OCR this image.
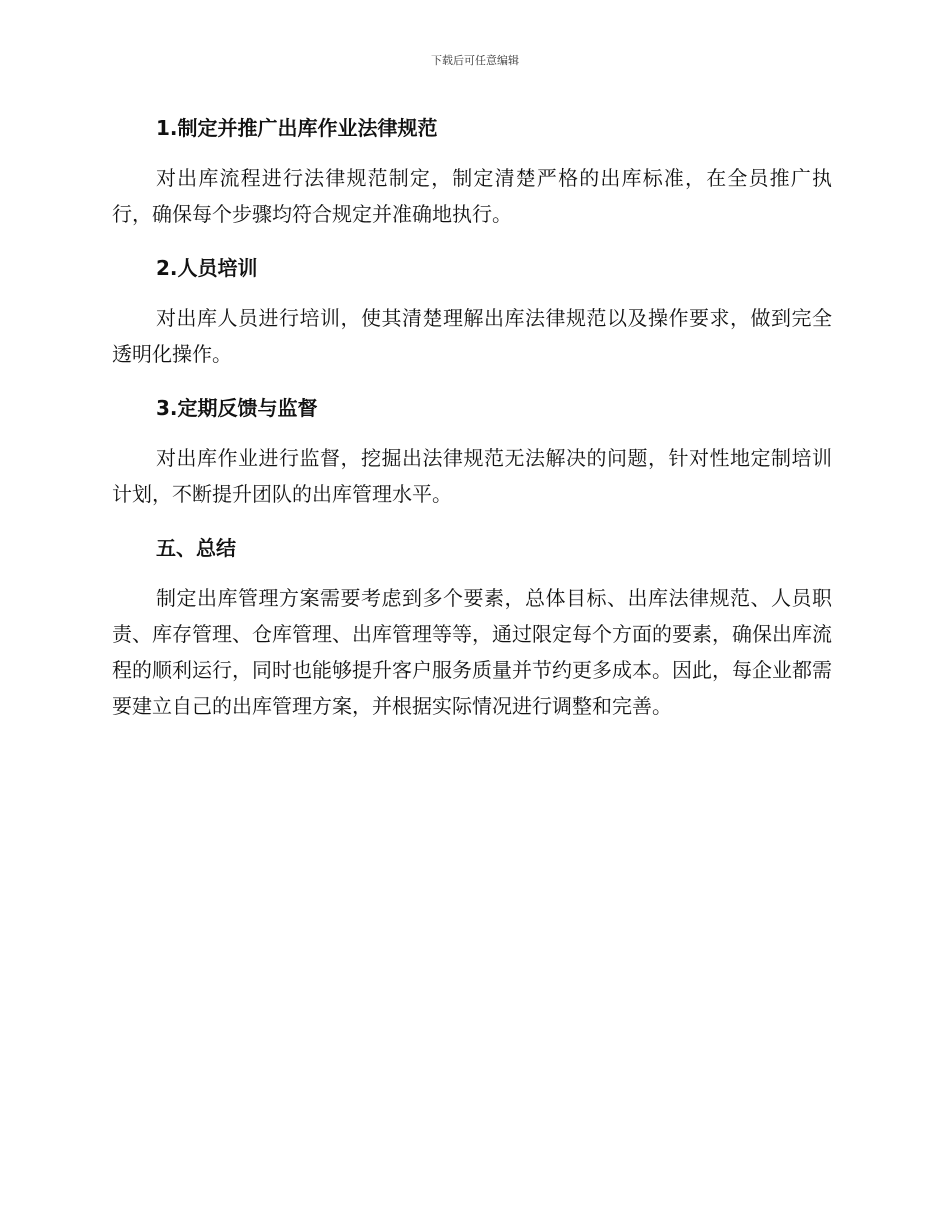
下载后可任意编辑
1.制定并推广出库作业法律规范

对出库流程进行法律规范制定，制定清楚严格的出库标准，在全员推广执行，确保每个步骤均符合规定并准确地执行。

2.人员培训

对出库人员进行培训，使其清楚理解出库法律规范以及操作要求，做到完全透明化操作。

3.定期反馈与监督

对出库作业进行监督，挖掘出法律规范无法解决的问题，针对性地定制培训计划，不断提升团队的出库管理水平。

五、总结

制定出库管理方案需要考虑到多个要素，总体目标、出库法律规范、人员职责、库存管理、仓库管理、出库管理等等，通过限定每个方面的要素，确保出库流程的顺利运行，同时也能够提升客户服务质量并节约更多成本。因此，每企业都需要建立自己的出库管理方案，并根据实际情况进行调整和完善。
